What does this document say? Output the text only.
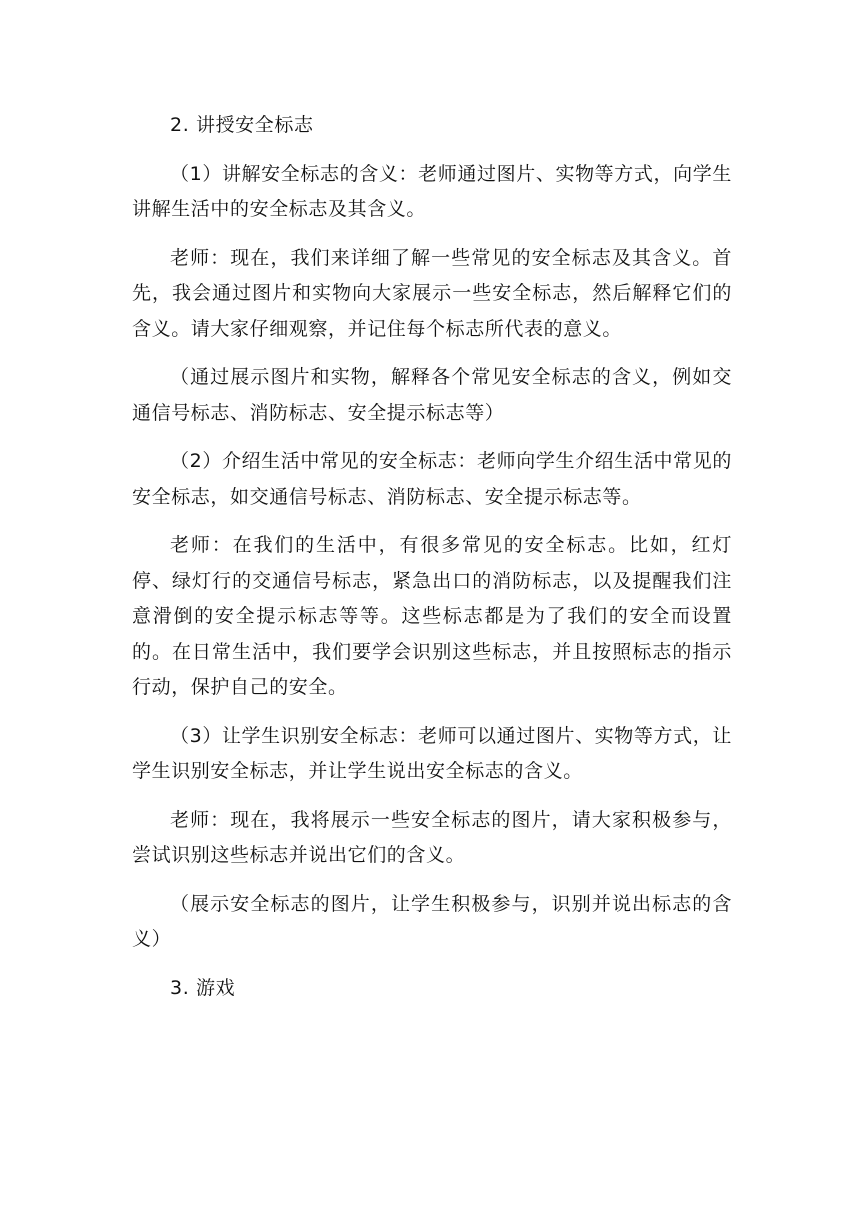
2. 讲授安全标志

（1）讲解安全标志的含义：老师通过图片、实物等方式，向学生讲解生活中的安全标志及其含义。

老师：现在，我们来详细了解一些常见的安全标志及其含义。首先，我会通过图片和实物向大家展示一些安全标志，然后解释它们的含义。请大家仔细观察，并记住每个标志所代表的意义。

（通过展示图片和实物，解释各个常见安全标志的含义，例如交通信号标志、消防标志、安全提示标志等）

（2）介绍生活中常见的安全标志：老师向学生介绍生活中常见的安全标志，如交通信号标志、消防标志、安全提示标志等。

老师：在我们的生活中，有很多常见的安全标志。比如，红灯停、绿灯行的交通信号标志，紧急出口的消防标志，以及提醒我们注意滑倒的安全提示标志等等。这些标志都是为了我们的安全而设置的。在日常生活中，我们要学会识别这些标志，并且按照标志的指示行动，保护自己的安全。

（3）让学生识别安全标志：老师可以通过图片、实物等方式，让学生识别安全标志，并让学生说出安全标志的含义。

老师：现在，我将展示一些安全标志的图片，请大家积极参与，尝试识别这些标志并说出它们的含义。

（展示安全标志的图片，让学生积极参与，识别并说出标志的含义）

3. 游戏
